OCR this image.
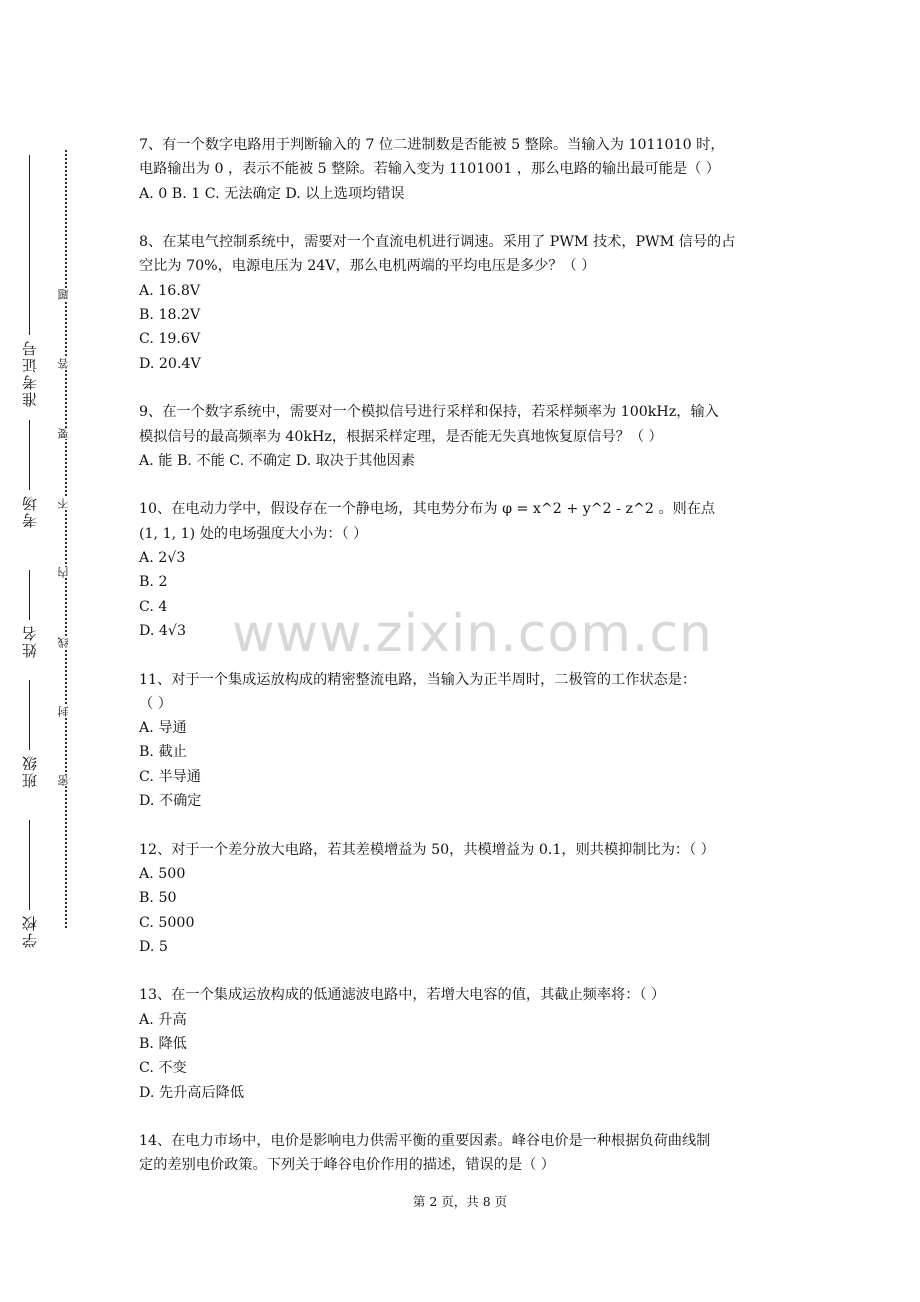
准考证号
考场
姓名
班级
学校
题
答
要
不
内
线
封
密

7、有一个数字电路用于判断输入的 7 位二进制数是否能被 5 整除。当输入为 1011010 时，

电路输出为 0 ，表示不能被 5 整除。若输入变为 1101001 ，那么电路的输出最可能是（ ）

A. 0 B. 1 C. 无法确定 D. 以上选项均错误

8、在某电气控制系统中，需要对一个直流电机进行调速。采用了 PWM 技术，PWM 信号的占

空比为 70%，电源电压为 24V，那么电机两端的平均电压是多少？（ ）

A. 16.8V

B. 18.2V

C. 19.6V

D. 20.4V

9、在一个数字系统中，需要对一个模拟信号进行采样和保持，若采样频率为 100kHz，输入

模拟信号的最高频率为 40kHz，根据采样定理，是否能无失真地恢复原信号？（ ）

A. 能 B. 不能 C. 不确定 D. 取决于其他因素

10、在电动力学中，假设存在一个静电场，其电势分布为 φ = x^2 + y^2 - z^2 。则在点

(1, 1, 1) 处的电场强度大小为：（ ）

A. 2√3

B. 2

C. 4

D. 4√3

11、对于一个集成运放构成的精密整流电路，当输入为正半周时，二极管的工作状态是：

（ ）

A. 导通

B. 截止

C. 半导通

D. 不确定

12、对于一个差分放大电路，若其差模增益为 50，共模增益为 0.1，则共模抑制比为：（ ）

A. 500

B. 50

C. 5000

D. 5

13、在一个集成运放构成的低通滤波电路中，若增大电容的值，其截止频率将：（ ）

A. 升高

B. 降低

C. 不变

D. 先升高后降低

14、在电力市场中，电价是影响电力供需平衡的重要因素。峰谷电价是一种根据负荷曲线制

定的差别电价政策。下列关于峰谷电价作用的描述，错误的是（ ）

www.zixin.com.cn
第 2 页，共 8 页
